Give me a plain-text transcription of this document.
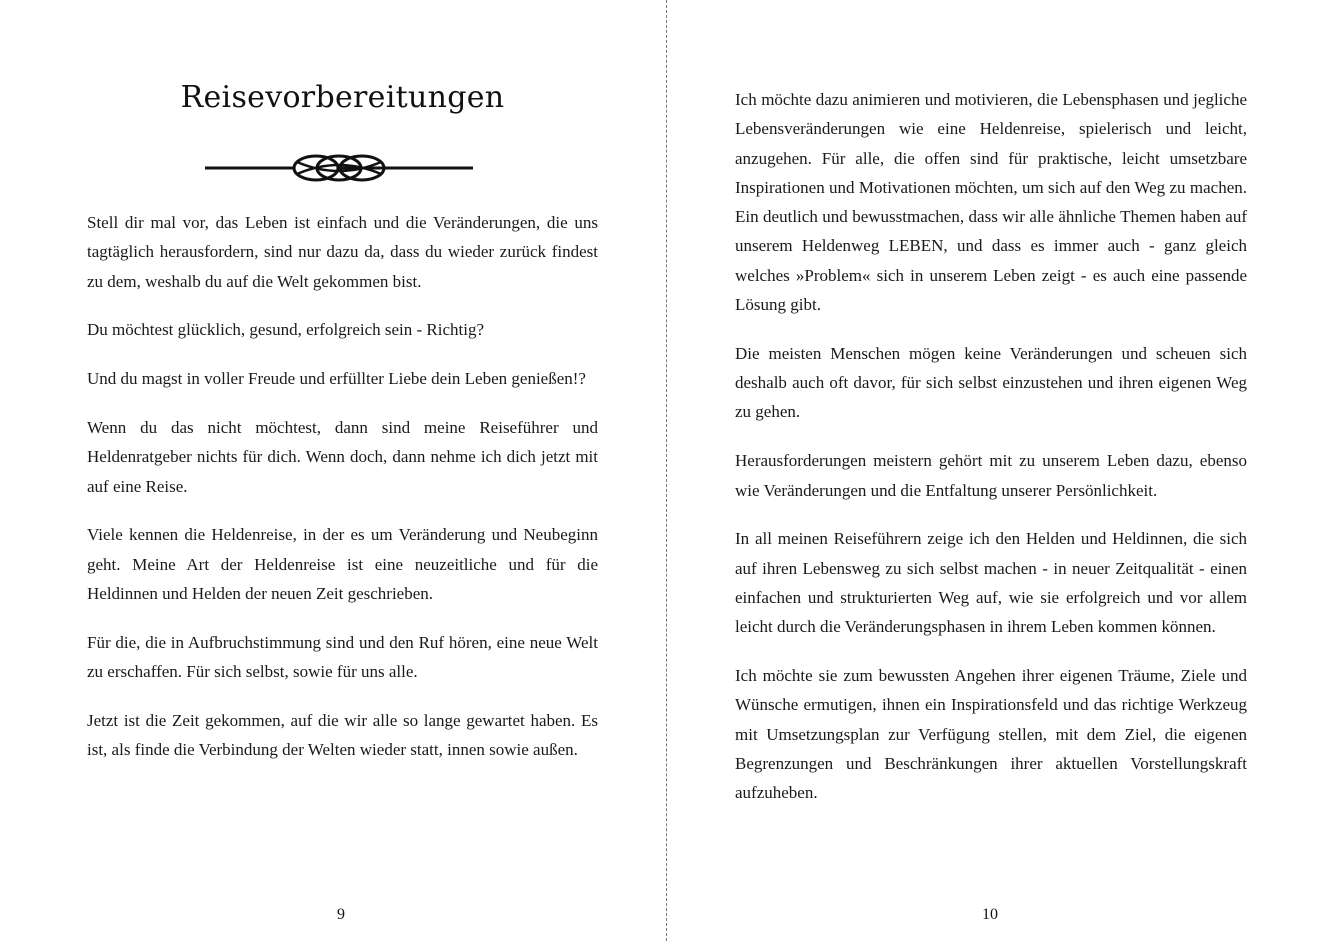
Reisevorbereitungen

Stell dir mal vor, das Leben ist einfach und die Veränderungen, die uns tagtäglich herausfordern, sind nur dazu da, dass du wieder zurück findest zu dem, weshalb du auf die Welt gekommen bist.

Du möchtest glücklich, gesund, erfolgreich sein - Richtig?

Und du magst in voller Freude und erfüllter Liebe dein Leben genießen!?

Wenn du das nicht möchtest, dann sind meine Reiseführer und Heldenratgeber nichts für dich. Wenn doch, dann nehme ich dich jetzt mit auf eine Reise.

Viele kennen die Heldenreise, in der es um Veränderung und Neubeginn geht. Meine Art der Heldenreise ist eine neuzeitliche und für die Heldinnen und Helden der neuen Zeit geschrieben.

Für die, die in Aufbruchstimmung sind und den Ruf hören, eine neue Welt zu erschaffen. Für sich selbst, sowie für uns alle.

Jetzt ist die Zeit gekommen, auf die wir alle so lange gewartet haben. Es ist, als finde die Verbindung der Welten wieder statt, innen sowie außen.

9

Ich möchte dazu animieren und motivieren, die Lebensphasen und jegliche Lebensveränderungen wie eine Heldenreise, spielerisch und leicht, anzugehen. Für alle, die offen sind für praktische, leicht umsetzbare Inspirationen und Motivationen möchten, um sich auf den Weg zu machen. Ein deutlich und bewusstmachen, dass wir alle ähnliche Themen haben auf unserem Heldenweg LEBEN, und dass es immer auch - ganz gleich welches »Problem« sich in unserem Leben zeigt - es auch eine passende Lösung gibt.

Die meisten Menschen mögen keine Veränderungen und scheuen sich deshalb auch oft davor, für sich selbst einzustehen und ihren eigenen Weg zu gehen.

Herausforderungen meistern gehört mit zu unserem Leben dazu, ebenso wie Veränderungen und die Entfaltung unserer Persönlichkeit.

In all meinen Reiseführern zeige ich den Helden und Heldinnen, die sich auf ihren Lebensweg zu sich selbst machen - in neuer Zeitqualität - einen einfachen und strukturierten Weg auf, wie sie erfolgreich und vor allem leicht durch die Veränderungsphasen in ihrem Leben kommen können.

Ich möchte sie zum bewussten Angehen ihrer eigenen Träume, Ziele und Wünsche ermutigen, ihnen ein Inspirationsfeld und das richtige Werkzeug mit Umsetzungsplan zur Verfügung stellen, mit dem Ziel, die eigenen Begrenzungen und Beschränkungen ihrer aktuellen Vorstellungskraft aufzuheben.

10
